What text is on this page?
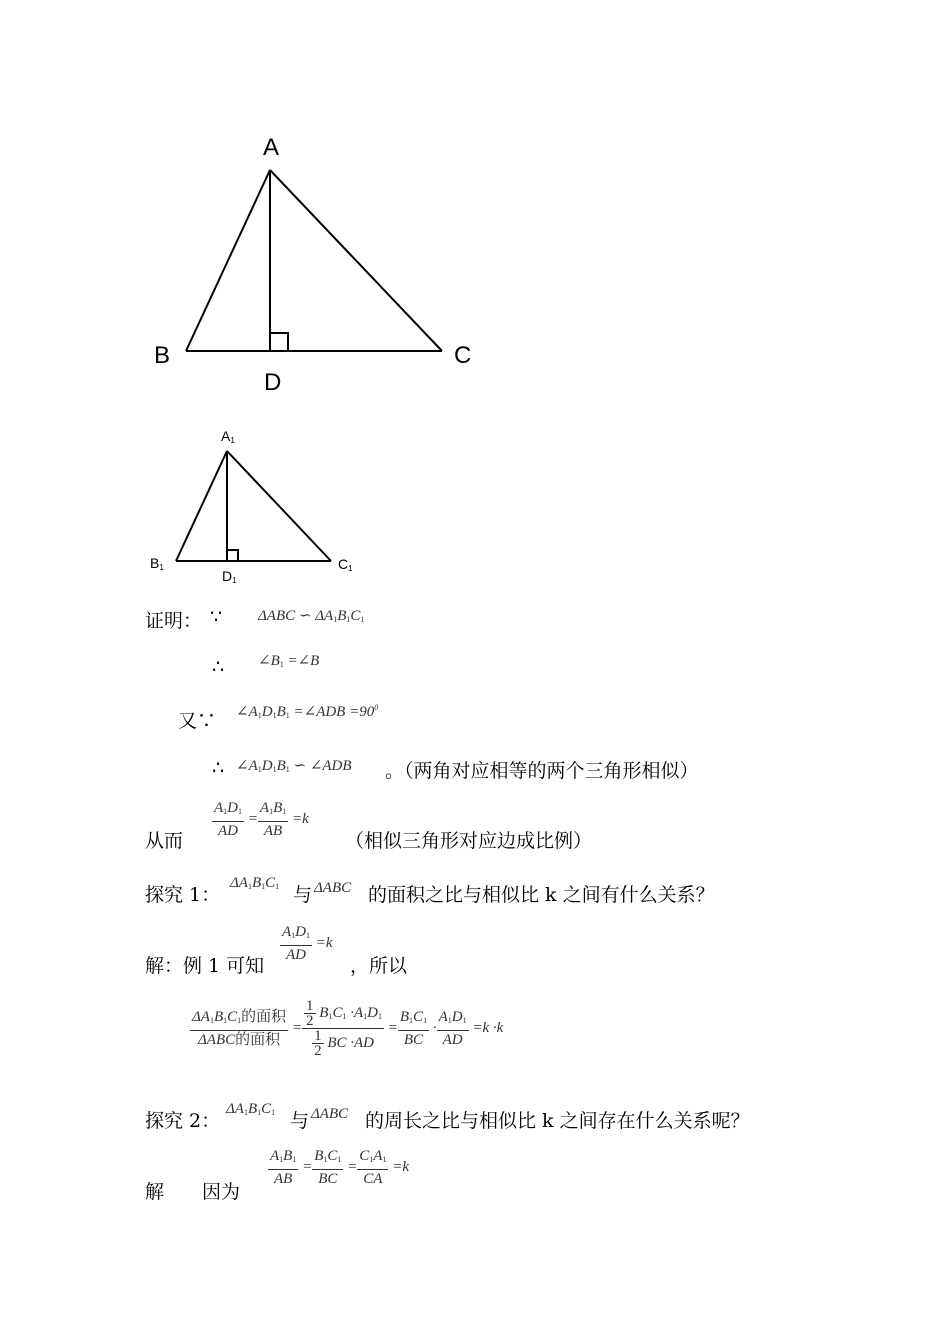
A
B	C
D
$A_1$
$B_1$	$C_1$
$D_1$
证明： ∵ ΔABC ∽ $\Delta A_1B_1C_1$
∴ $\angle B_1$ =∠B
又∵ $\angle A_1D_1B_1$ =∠ADB $=90^0$
∴ $\angle A_1D_1B_1$ ∽ ∠ADB 。（两角对应相等的两个三角形相似）
从而
$\frac{A_1D_1}{AD} = \frac{A_1B_1}{AB} =k$
（相似三角形对应边成比例）
探究 1：
$\Delta A_1B_1C_1$ 与 ΔABC 的面积之比与相似比 k 之间有什么关系？
解：例 1 可知
$\frac{A_1D_1}{AD} =k$
，所以
$\frac{\Delta A_1B_1C_1的面积}{\text{ΔABC的面积}} = \frac{\frac{1}{2} B_1C_1 \cdot A_1D_1}{\frac{1}{2} BC \cdot AD} = \frac{B_1C_1}{BC} \cdot \frac{A_1D_1}{AD} =k \cdot k$
探究 2：
$\Delta A_1B_1C_1$ 与 ΔABC 的周长之比与相似比 k 之间存在什么关系呢？
解　　因为
$\frac{A_1B_1}{AB} = \frac{B_1C_1}{BC} = \frac{C_1A_1}{CA} =k$
